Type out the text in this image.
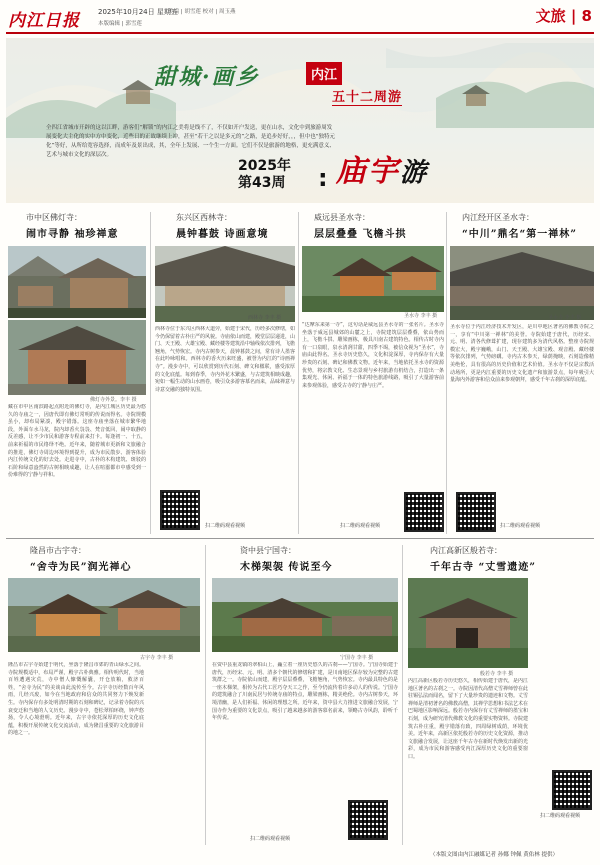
内江日报	2025年10月24日 星期五
本版编辑 | 郭雪莲
美编 | 胡雪莲 校对 | 周玉燕	文旅 | 8
甜城·画乡	内江
五十二周游
全四江省城市开辟的这以江畔，游客们“解锁”的内江之美将是线不了，不仅如开户发送，更在山水，文化中到旅游周发展变化大主化的实中方中变化，近些日的正故继续上冲，甚至“若干之以是多元的”之路，是追步好好，，，但中也“独特元化”等好，从所给宽容选择，而成年及景出成，其，全年上发展、一个生一方面。它们不仅是旅游的地格，更充满意义、艺术与城市文化的深层次。
2025年
第43周	: 庙宇游
市中区佛灯寺：
闹市寻静 袖珍禅意
佛灯寺外景。李丰 摄
藏在市中区南滨路起点附近的佛灯寺，是内江城区历史最为悠久的寺庙之一，因唐代即有佛灯常明的传说而得名。寺院规模虽小，却布局紧凑，殿宇错落。这座寺庙坐落在城市繁华地段，外面车水马龙，院内却香火袅袅、梵音低回，闹中取静的反差感，让不少市民和游客专程前来打卡。每逢初一、十五，前来祈福的市民络绎不绝。近年来，随着城市更新和文旅融合的推进，佛灯寺周边环境得到提升，成为市民散步、游客体验内江传统文化的好去处。走进寺中，古朴的木构建筑、斑驳的石阶和绿意盎然的古树相映成趣，让人在喧嚣都市中感受到一份难得的宁静与祥和。
东兴区西林寺：
晨钟暮鼓 诗画意境
西林寺 李丰 摄
西林寺位于东兴区西林大道旁，始建于宋代，历经多次修缮，如今仍保留着古朴庄严的风貌。寺庙依山而建，殿堂层层递进，山门、天王殿、大雄宝殿、藏经楼等建筑沿中轴线依次排列，飞檐翘角，气势恢宏。寺内古树参天，晨钟暮鼓之间，常有诗人墨客在此吟咏唱和。西林寺的香火历来旺盛，被誉为内江的“诗画禅寺”。漫步寺中，可以欣赏到历代石刻、碑文和楹联，感受浓厚的文化底蕴。每到春季，寺内外花木繁盛，与古建筑相映成趣，宛如一幅生动的山水画卷，吸引众多游客慕名而来，品味禅意与诗意交融的独特氛围。
扫二维码观看视频
威远县圣水寺：
层层叠叠 飞檐斗拱
圣水寺 李丰 摄
“达摩东来第一寺”，这句话是威远县圣水寺的一张名片。圣水寺坐落于威远县城郊的山麓之上，寺院建筑层层叠叠，依山势而上，飞檐斗拱、雕梁画栋，极具川南古建筑特色。相传古时寺内有一口泉眼，泉水清冽甘甜，四季不竭，被信众视为“圣水”，寺庙由此得名。圣水寺历史悠久，文化积淀深厚，寺内保存有大量珍贵的石刻、碑记和佛教文物。近年来，当地依托圣水寺的资源优势，将宗教文化、生态景观与乡村旅游有机结合，打造出一条集观光、休闲、祈福于一体的特色旅游线路，吸引了大量游客前来参观体验，感受古寺的宁静与庄严。
扫二维码观看视频
内江经开区圣水寺：
“中川”鼎名“第一禅林”
圣水寺 李丰 摄
圣水寺位于内江经济技术开发区，是川中地区著名的佛教寺院之一，享有“中川第一禅林”的美誉。寺院始建于唐代，历经宋、元、明、清各代修葺扩建，现存建筑多为清代风格。整座寺院规模宏大，殿宇巍峨，山门、天王殿、大雄宝殿、观音殿、藏经楼等依次排列，气势磅礴。寺内古木参天，绿荫掩映，石刻造像精美绝伦，具有很高的历史价值和艺术价值。圣水寺不仅是宗教活动场所，更是内江重要的历史文化遗产和旅游景点，每年吸引大量海内外游客和信众前来参观朝拜，感受千年古刹的深厚底蕴。
扫二维码观看视频
隆昌市古宇寺：
“舍寺为民”润光禅心
古宇寺 李丰 摄
隆昌市古宇寺始建于明代，坐落于隆昌市郊的青山绿水之间。寺院规模适中，布局严谨，殿宇古朴典雅。相传明代时，当地百姓遭遇灾荒，寺中僧人慷慨解囊，开仓放粮，救济百姓，“舍寺为民”的美谈由此流传至今。古宇寺历经数百年风雨，几经兴废，如今在当地政府和信众的共同努力下焕发新生。寺内保存有多处明清时期的石刻和碑记，记录着寺院的兴衰变迁和当地的人文历史。漫步寺中，苍松翠柏环绕，钟声悠扬，令人心境澄明。近年来，古宇寺依托深厚的历史文化底蕴，积极开展传统文化交流活动，成为隆昌重要的文化旅游目的地之一。
资中县宁国寺：
木梯架袈 传说至今
宁国寺 李丰 摄
在资中县重龙镇的翠柏山上，矗立着一座历史悠久的古刹——宁国寺。宁国寺始建于唐代，历经宋、元、明、清多个朝代的修缮和扩建，是川南地区保存较为完整的古建筑群之一。寺院依山而建，殿宇层层叠叠，飞檐翘角，气势恢宏。寺内最具特色的是一座木梯架，相传为古代工匠巧夺天工之作，至今仍流传着许多动人的传说。宁国寺的建筑融合了川南民居与传统寺庙的特点，雕梁画栋，精美绝伦。寺内古树参天，环境清幽，是人们祈福、休闲的理想之所。近年来，资中县大力推进文旅融合发展，宁国寺作为重要的文化景点，吸引了越来越多的游客慕名前来，领略古寺风韵，聆听千年传说。
扫二维码观看视频
内江高新区般若寺：
千年古寺 “丈雪遗迹”
般若寺 李丰 摄
内江高新区般若寺历史悠久，相传始建于唐代，是内江地区著名的古刹之一。寺院因清代高僧丈雪禅师曾在此驻锡弘法而闻名，留下了大量珍贵的遗迹和文物。丈雪禅师是清初著名的佛教高僧，其禅学思想和书法艺术在巴蜀地区影响深远。般若寺内保存有丈雪禅师的墨宝和石刻，成为研究清代佛教文化的重要实物资料。寺院建筑古朴庄重，殿宇错落有致，四周绿树成荫，环境优美。近年来，高新区依托般若寺的历史文化资源，推动文旅融合发展，让这座千年古寺在新时代焕发出新的光彩，成为市民和游客感受内江深厚历史文化的重要窗口。
扫二维码观看视频
（本版文图由内江融媒记者 孙娜 钟佩 黄佑林 提供）
